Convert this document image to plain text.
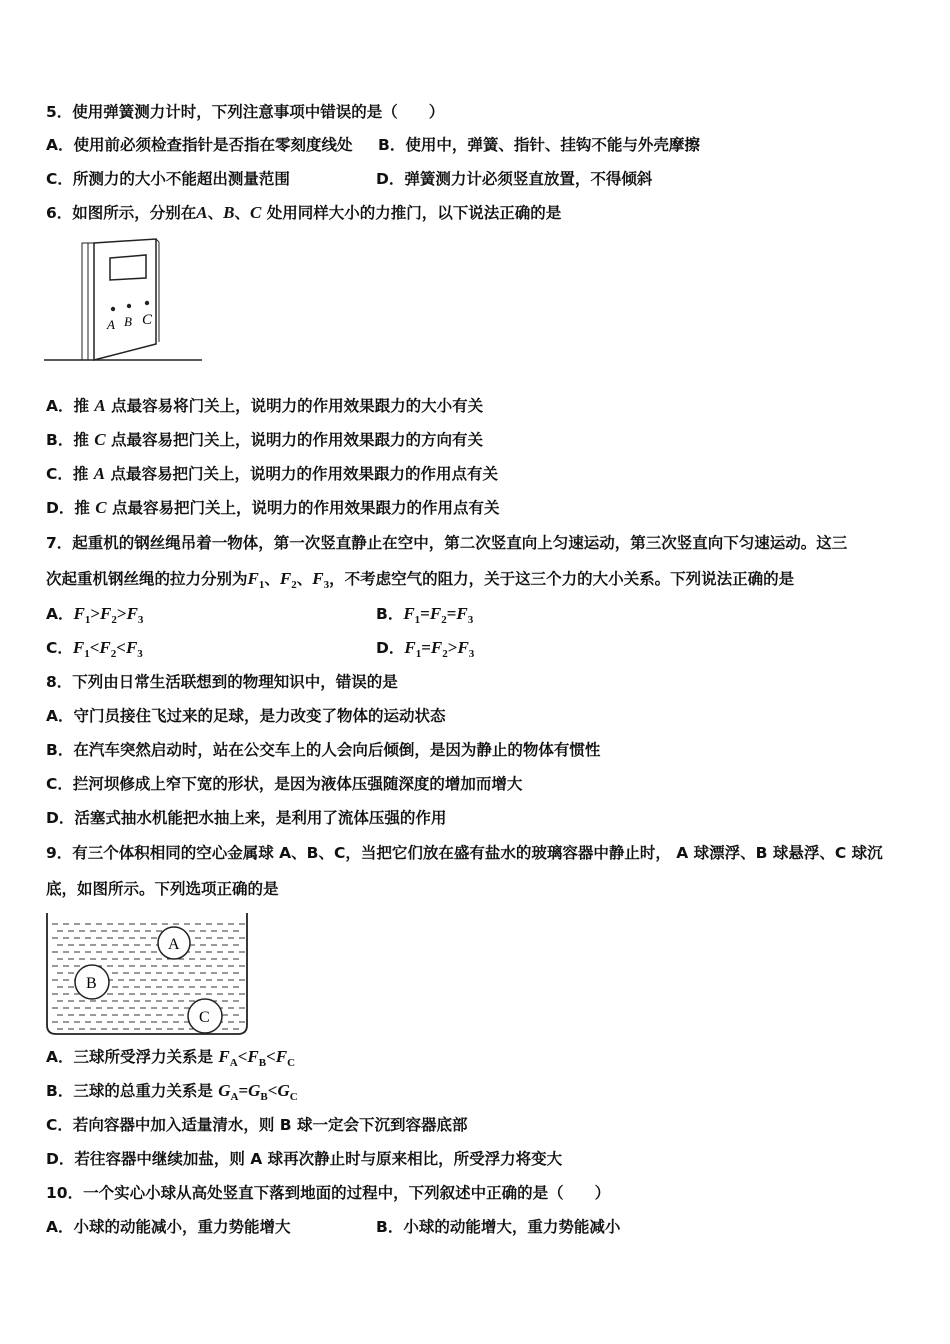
5．使用弹簧测力计时，下列注意事项中错误的是（　　）
A．使用前必须检查指针是否指在零刻度线处 B．使用中，弹簧、指针、挂钩不能与外壳摩擦
C．所测力的大小不能超出测量范围	D．弹簧测力计必须竖直放置，不得倾斜
6．如图所示，分别在A、B、C 处用同样大小的力推门，以下说法正确的是
A B C
A．推 A 点最容易将门关上，说明力的作用效果跟力的大小有关
B．推 C 点最容易把门关上，说明力的作用效果跟力的方向有关
C．推 A 点最容易把门关上，说明力的作用效果跟力的作用点有关
D．推 C 点最容易把门关上，说明力的作用效果跟力的作用点有关
7．起重机的钢丝绳吊着一物体，第一次竖直静止在空中，第二次竖直向上匀速运动，第三次竖直向下匀速运动。这三
次起重机钢丝绳的拉力分别为$F_1$、$F_2$、$F_3$，不考虑空气的阻力，关于这三个力的大小关系。下列说法正确的是
A．$F_1>F_2>F_3$	B．$F_1=F_2=F_3$
C．$F_1<F_2<F_3$	D．$F_1=F_2>F_3$
8．下列由日常生活联想到的物理知识中，错误的是
A．守门员接住飞过来的足球，是力改变了物体的运动状态
B．在汽车突然启动时，站在公交车上的人会向后倾倒，是因为静止的物体有惯性
C．拦河坝修成上窄下宽的形状，是因为液体压强随深度的增加而增大
D．活塞式抽水机能把水抽上来，是利用了流体压强的作用
9．有三个体积相同的空心金属球 A、B、C，当把它们放在盛有盐水的玻璃容器中静止时， A 球漂浮、B 球悬浮、C 球沉
底，如图所示。下列选项正确的是
A
B
C
A．三球所受浮力关系是 $F_A<F_B<F_C$
B．三球的总重力关系是 $G_A=G_B<G_C$
C．若向容器中加入适量清水，则 B 球一定会下沉到容器底部
D．若往容器中继续加盐，则 A 球再次静止时与原来相比，所受浮力将变大
10．一个实心小球从高处竖直下落到地面的过程中，下列叙述中正确的是（　　）
A．小球的动能减小，重力势能增大	B．小球的动能增大，重力势能减小
